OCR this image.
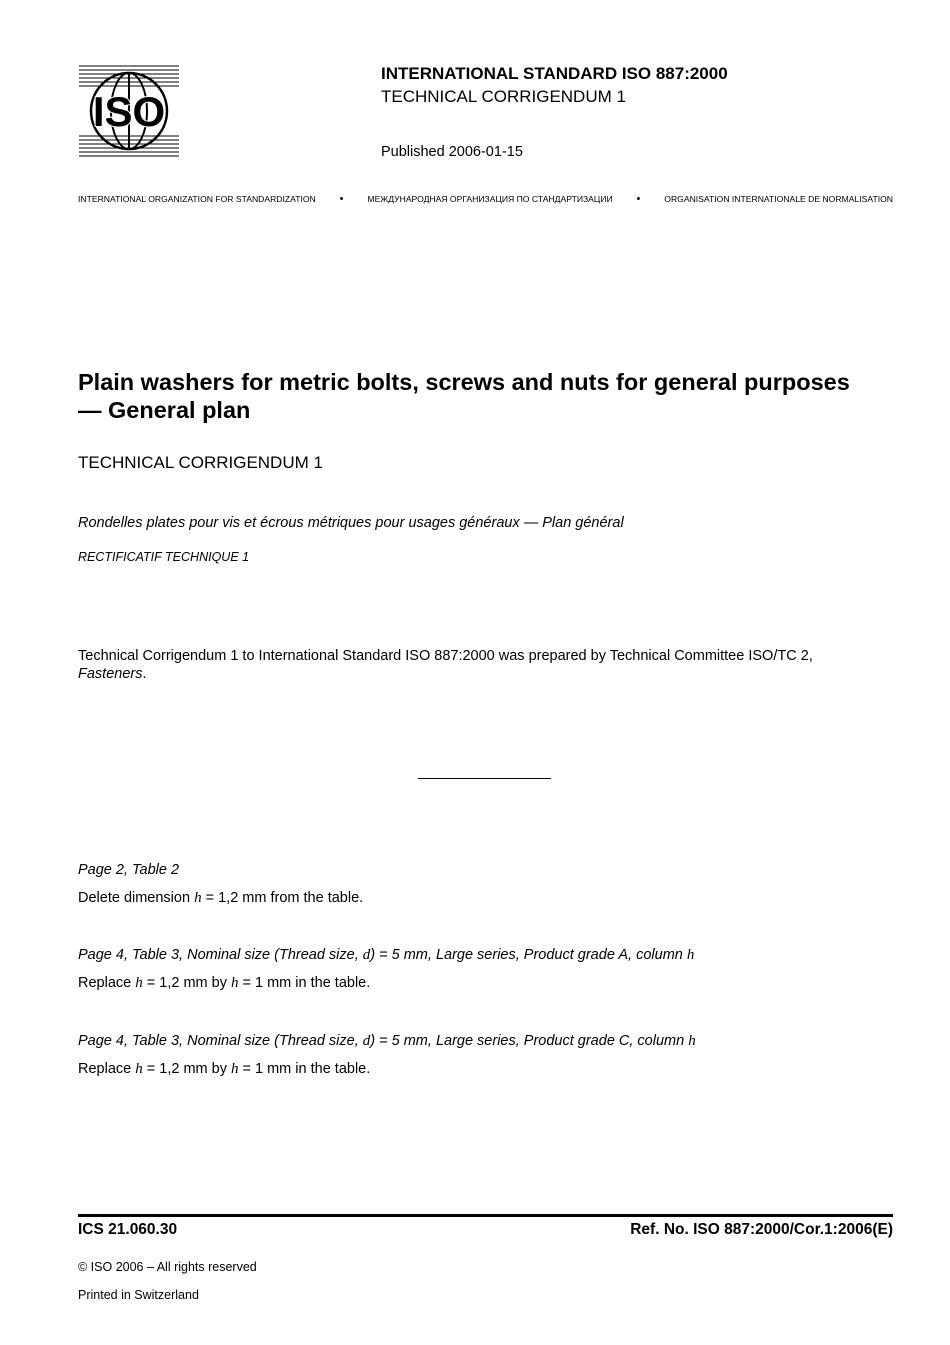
ISO
INTERNATIONAL STANDARD ISO 887:2000
TECHNICAL CORRIGENDUM 1
Published 2006-01-15
INTERNATIONAL ORGANIZATION FOR STANDARDIZATION •	МЕЖДУНАРОДНАЯ ОРГАНИЗАЦИЯ ПО СТАНДАРТИЗАЦИИ •	ORGANISATION INTERNATIONALE DE NORMALISATION
Plain washers for metric bolts, screws and nuts for general purposes — General plan
TECHNICAL CORRIGENDUM 1
Rondelles plates pour vis et écrous métriques pour usages généraux — Plan général
RECTIFICATIF TECHNIQUE 1
Technical Corrigendum 1 to International Standard ISO 887:2000 was prepared by Technical Committee ISO/TC 2,
Fasteners.
Page 2, Table 2
Delete dimension h = 1,2 mm from the table.
Page 4, Table 3, Nominal size (Thread size, d) = 5 mm, Large series, Product grade A, column h
Replace h = 1,2 mm by h = 1 mm in the table.
Page 4, Table 3, Nominal size (Thread size, d) = 5 mm, Large series, Product grade C, column h
Replace h = 1,2 mm by h = 1 mm in the table.
ICS 21.060.30	Ref. No. ISO 887:2000/Cor.1:2006(E)
© ISO 2006 – All rights reserved
Printed in Switzerland
